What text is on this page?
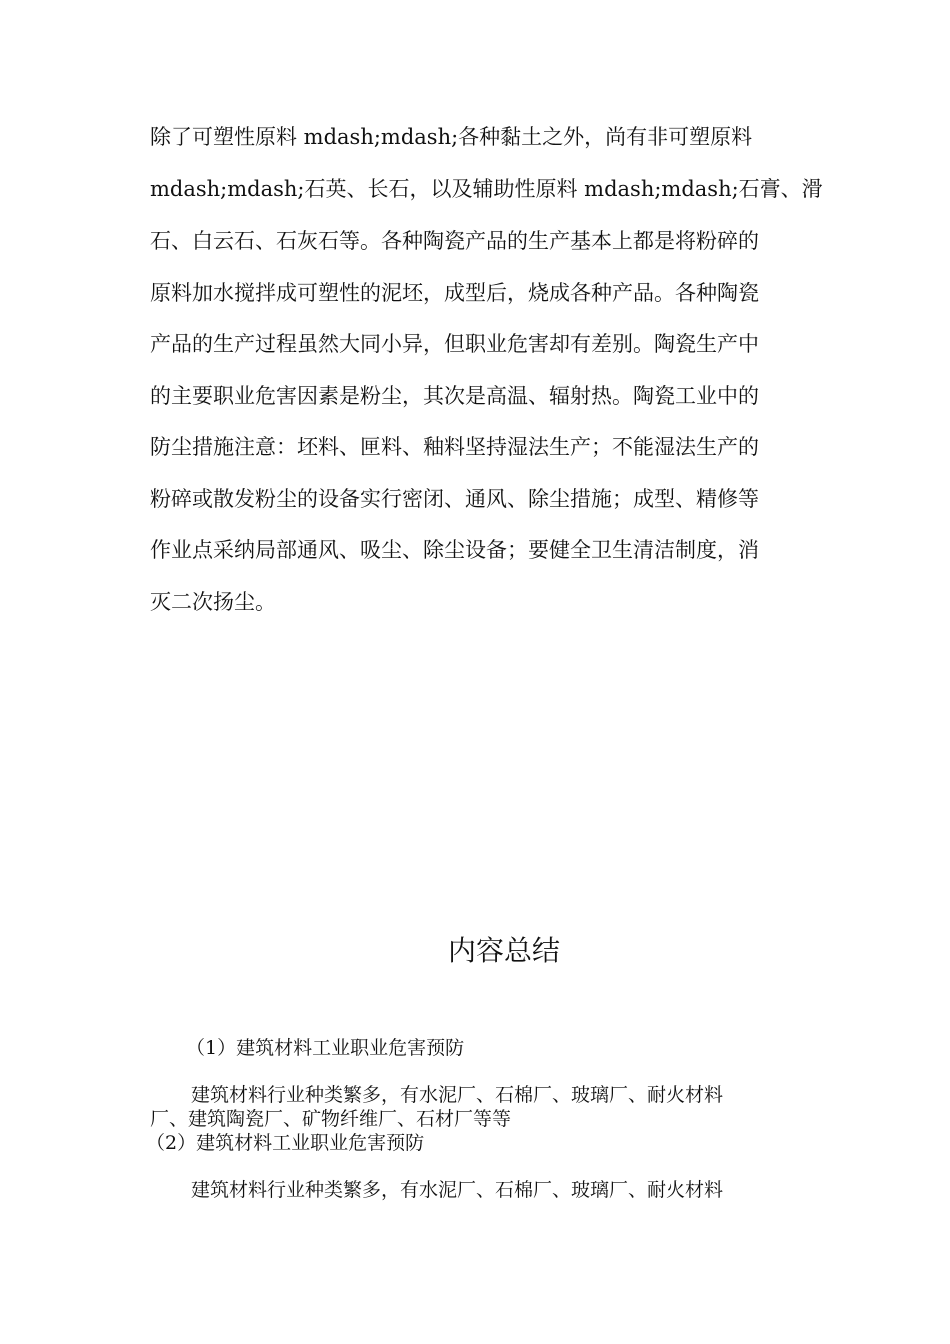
除了可塑性原料 mdash;mdash;各种黏土之外，尚有非可塑原料
mdash;mdash;石英、长石，以及辅助性原料 mdash;mdash;石膏、滑
石、白云石、石灰石等。各种陶瓷产品的生产基本上都是将粉碎的
原料加水搅拌成可塑性的泥坯，成型后，烧成各种产品。各种陶瓷
产品的生产过程虽然大同小异，但职业危害却有差别。陶瓷生产中
的主要职业危害因素是粉尘，其次是高温、辐射热。陶瓷工业中的
防尘措施注意：坯料、匣料、釉料坚持湿法生产；不能湿法生产的
粉碎或散发粉尘的设备实行密闭、通风、除尘措施；成型、精修等
作业点采纳局部通风、吸尘、除尘设备；要健全卫生清洁制度，消
灭二次扬尘。
内容总结
（1）建筑材料工业职业危害预防
建筑材料行业种类繁多，有水泥厂、石棉厂、玻璃厂、耐火材料
厂、建筑陶瓷厂、矿物纤维厂、石材厂等等
（2）建筑材料工业职业危害预防
建筑材料行业种类繁多，有水泥厂、石棉厂、玻璃厂、耐火材料
